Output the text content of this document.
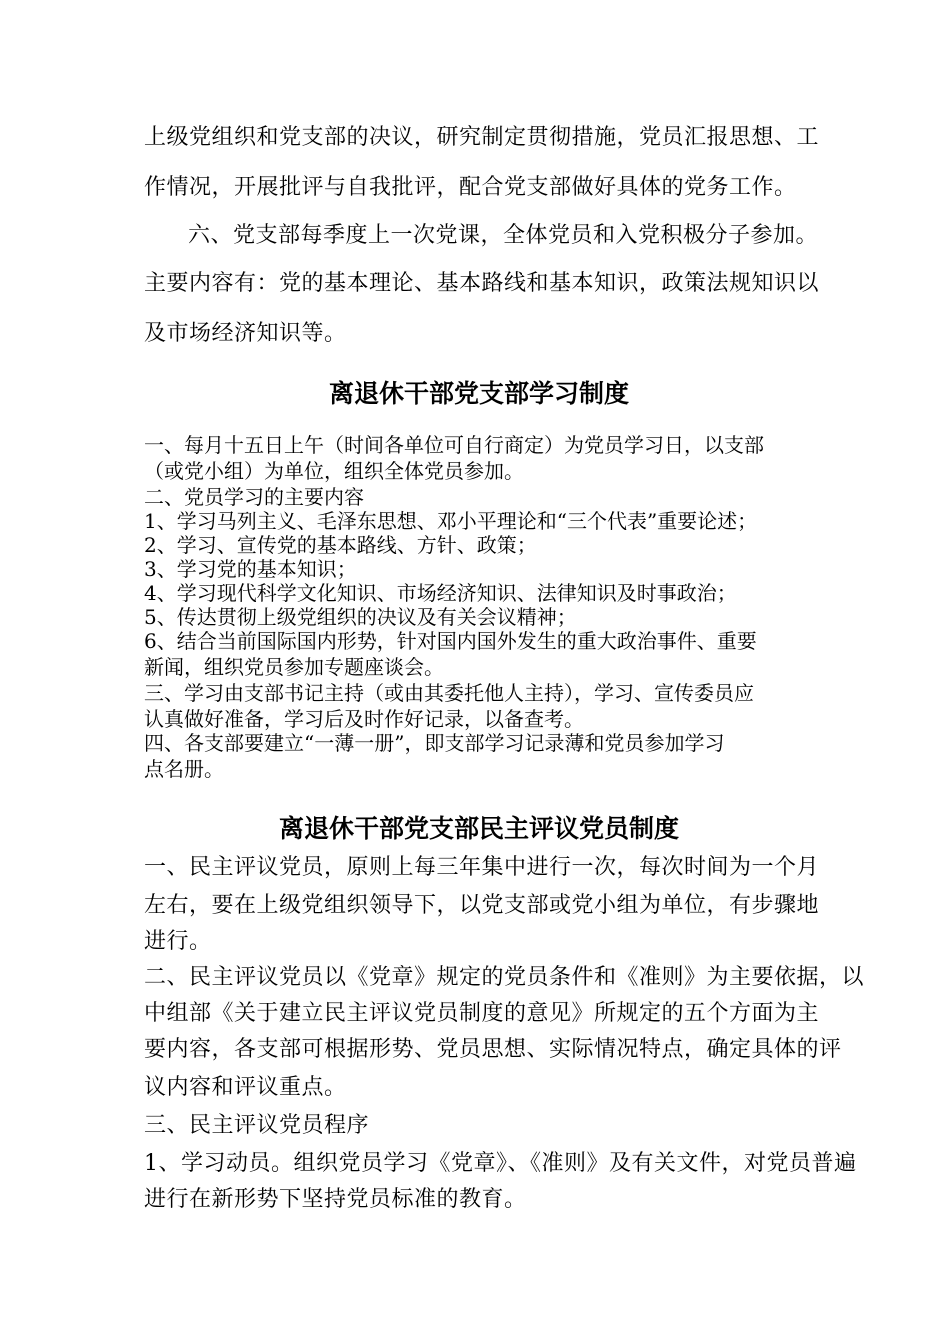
上级党组织和党支部的决议，研究制定贯彻措施，党员汇报思想、工
作情况，开展批评与自我批评，配合党支部做好具体的党务工作。
六、党支部每季度上一次党课，全体党员和入党积极分子参加。
主要内容有：党的基本理论、基本路线和基本知识，政策法规知识以
及市场经济知识等。
离退休干部党支部学习制度
一、每月十五日上午（时间各单位可自行商定）为党员学习日，以支部
（或党小组）为单位，组织全体党员参加。
二、党员学习的主要内容
1、学习马列主义、毛泽东思想、邓小平理论和“三个代表”重要论述；
2、学习、宣传党的基本路线、方针、政策；
3、学习党的基本知识；
4、学习现代科学文化知识、市场经济知识、法律知识及时事政治；
5、传达贯彻上级党组织的决议及有关会议精神；
6、结合当前国际国内形势，针对国内国外发生的重大政治事件、重要
新闻，组织党员参加专题座谈会。
三、学习由支部书记主持（或由其委托他人主持），学习、宣传委员应
认真做好准备，学习后及时作好记录，以备查考。
四、各支部要建立“一薄一册”，即支部学习记录薄和党员参加学习
点名册。
离退休干部党支部民主评议党员制度
一、民主评议党员，原则上每三年集中进行一次，每次时间为一个月
左右，要在上级党组织领导下，以党支部或党小组为单位，有步骤地
进行。
二、民主评议党员以《党章》规定的党员条件和《准则》为主要依据，以
中组部《关于建立民主评议党员制度的意见》所规定的五个方面为主
要内容，各支部可根据形势、党员思想、实际情况特点，确定具体的评
议内容和评议重点。
三、民主评议党员程序
1、学习动员。组织党员学习《党章》、《准则》及有关文件，对党员普遍
进行在新形势下坚持党员标准的教育。
